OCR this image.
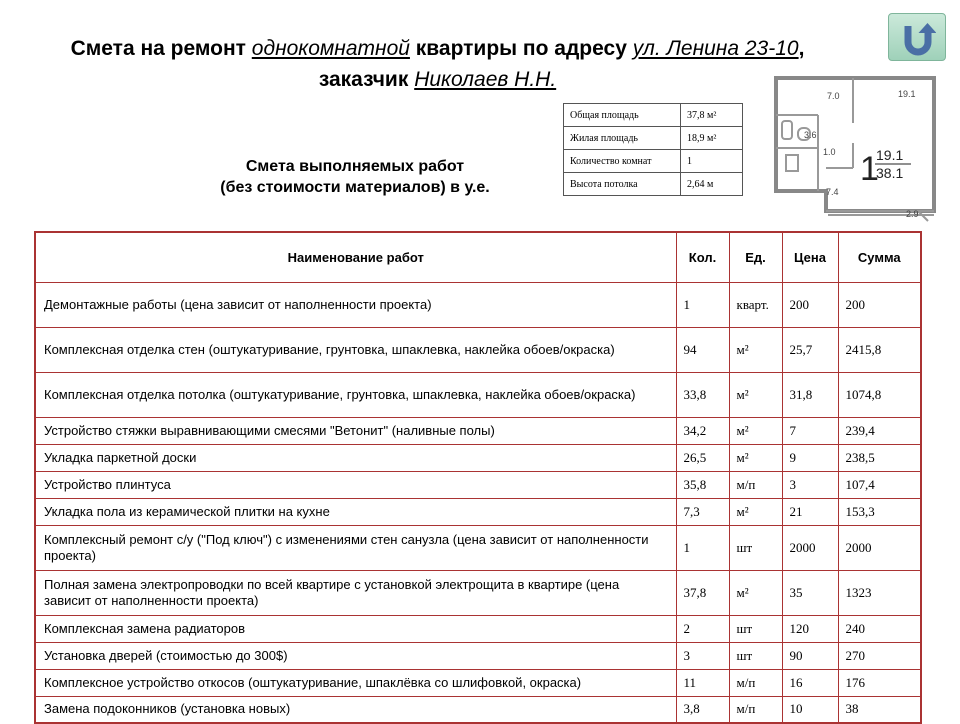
Смета на ремонт однокомнатной квартиры по адресу ул. Ленина 23-10,
заказчик Николаев Н.Н.
Общая площадь	37,8 м²
Жилая площадь	18,9 м²
Количество комнат	1
Высота потолка	2,64 м
Смета выполняемых работ
(без стоимости материалов) в у.е.
7.0	19.1
3.6
1.0
7.4
2.9
1
19.1
38.1
Наименование работ	Кол.	Ед.	Цена	Сумма
Демонтажные работы (цена зависит от наполненности проекта)	1	кварт.	200	200
Комплексная отделка стен (оштукатуривание, грунтовка, шпаклевка, наклейка обоев/окраска)	94	м²	25,7	2415,8
Комплексная отделка потолка (оштукатуривание, грунтовка, шпаклевка, наклейка обоев/окраска)	33,8	м²	31,8	1074,8
Устройство стяжки выравнивающими смесями "Ветонит" (наливные полы)	34,2	м²	7	239,4
Укладка паркетной доски	26,5	м²	9	238,5
Устройство плинтуса	35,8	м/п	3	107,4
Укладка пола из керамической плитки на кухне	7,3	м²	21	153,3
Комплексный ремонт с/у ("Под ключ") с изменениями стен санузла (цена зависит от наполненности проекта)	1	шт	2000	2000
Полная замена электропроводки по всей квартире с установкой электрощита в квартире (цена зависит от наполненности проекта)	37,8	м²	35	1323
Комплексная замена радиаторов	2	шт	120	240
Установка дверей (стоимостью до 300$)	3	шт	90	270
Комплексное устройство откосов (оштукатуривание, шпаклёвка со шлифовкой, окраска)	11	м/п	16	176
Замена подоконников (установка новых)	3,8	м/п	10	38
